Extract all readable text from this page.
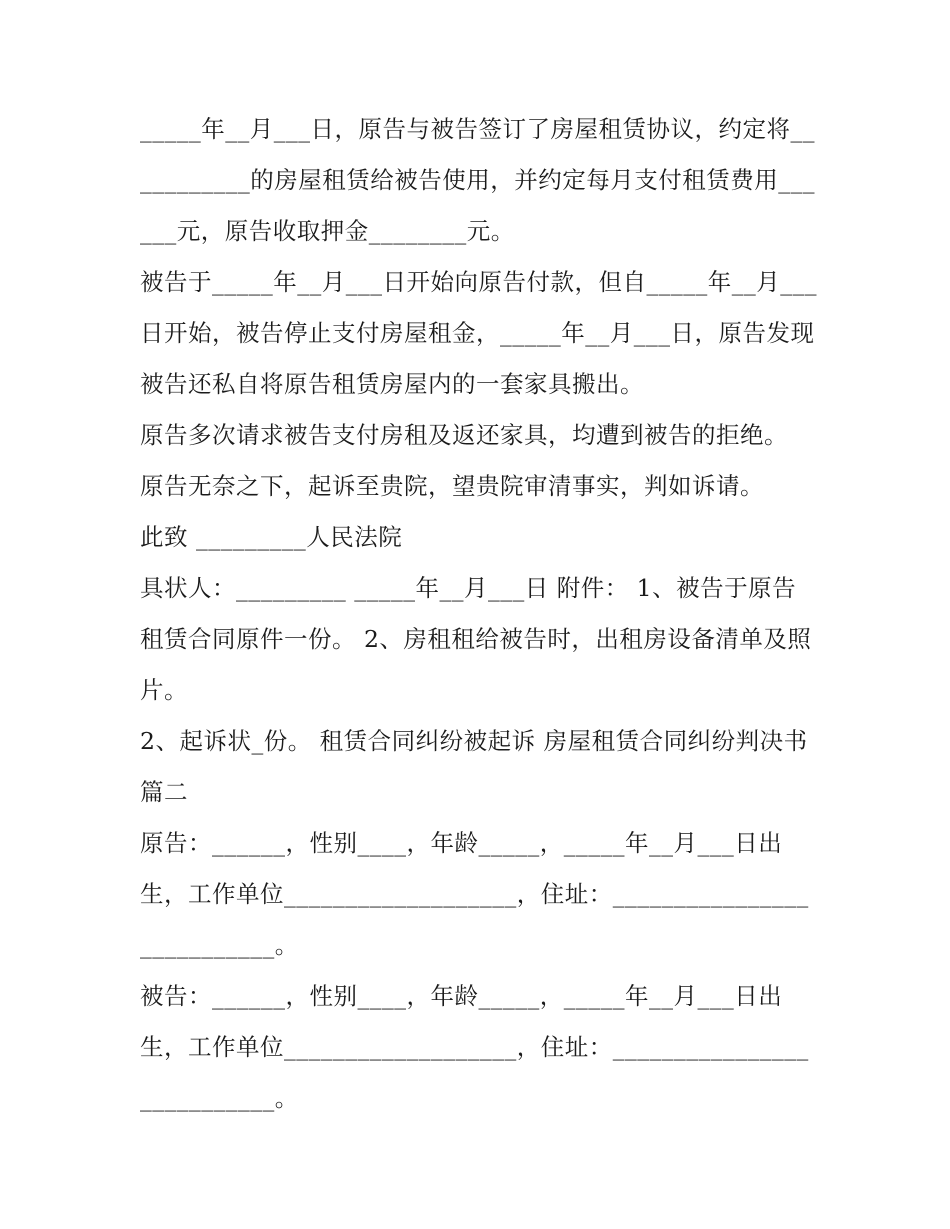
_____年__月___日，原告与被告签订了房屋租赁协议，约定将___________的房屋租赁给被告使用，并约定每月支付租赁费用______元，原告收取押金________元。

被告于_____年__月___日开始向原告付款，但自_____年__月___日开始，被告停止支付房屋租金，_____年__月___日，原告发现被告还私自将原告租赁房屋内的一套家具搬出。

原告多次请求被告支付房租及返还家具，均遭到被告的拒绝。

原告无奈之下，起诉至贵院，望贵院审清事实，判如诉请。

此致 _________人民法院

具状人：_________ _____年__月___日 附件： 1、被告于原告租赁合同原件一份。 2、房租租给被告时，出租房设备清单及照片。

2、起诉状_份。 租赁合同纠纷被起诉 房屋租赁合同纠纷判决书篇二

原告：______，性别____，年龄_____，_____年__月___日出生，工作单位___________________，住址：___________________________。

被告：______，性别____，年龄_____，_____年__月___日出生，工作单位___________________，住址：___________________________。
